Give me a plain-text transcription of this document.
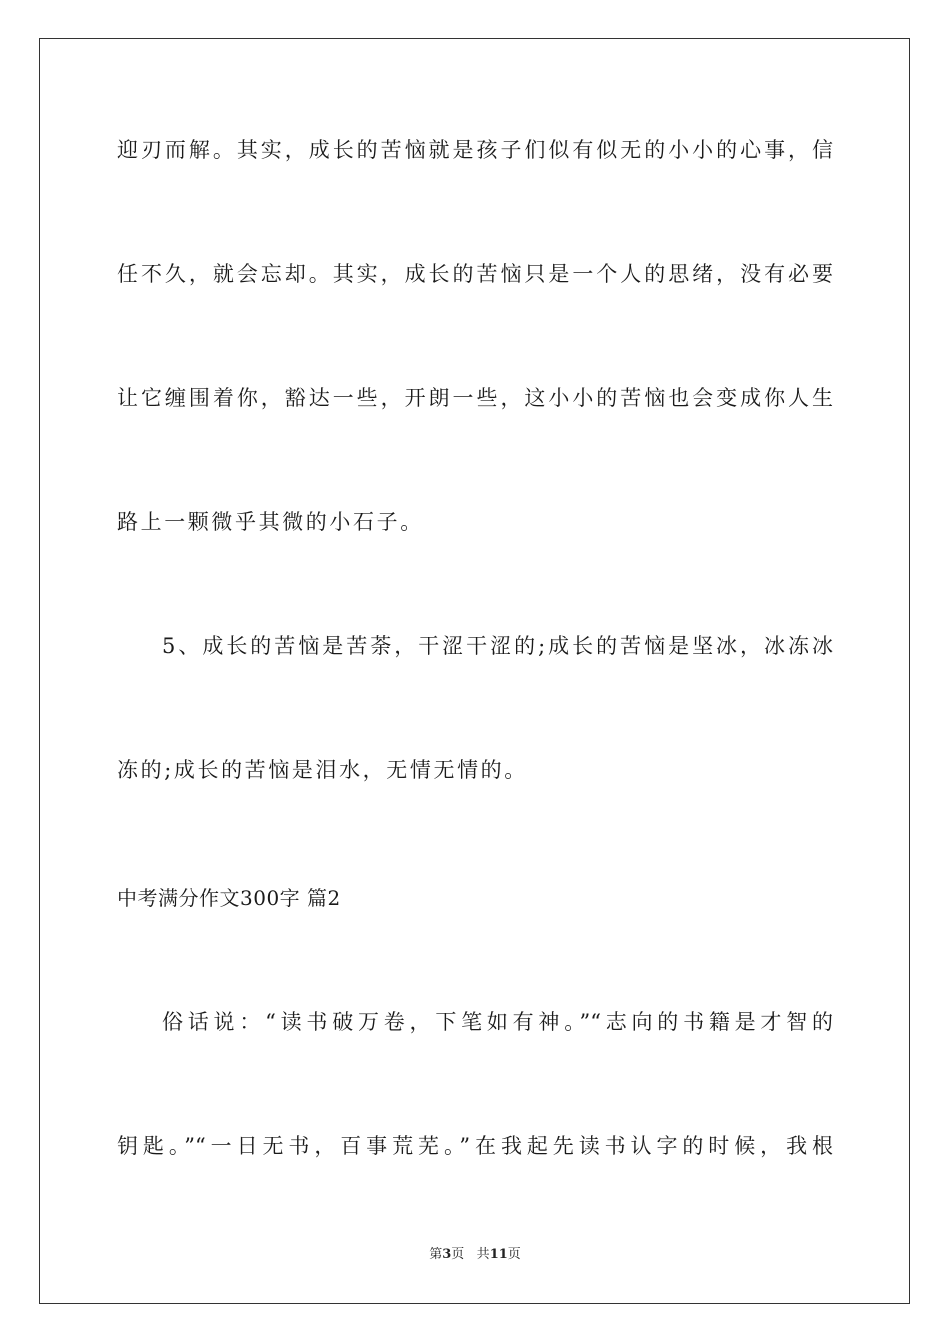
迎刃而解。其实，成长的苦恼就是孩子们似有似无的小小的心事，信
任不久，就会忘却。其实，成长的苦恼只是一个人的思绪，没有必要
让它缠围着你，豁达一些，开朗一些，这小小的苦恼也会变成你人生
路上一颗微乎其微的小石子。
5、成长的苦恼是苦荼，干涩干涩的;成长的苦恼是坚冰，冰冻冰
冻的;成长的苦恼是泪水，无情无情的。
中考满分作文300字 篇2
俗话说：“读书破万卷，下笔如有神。”“志向的书籍是才智的
钥匙。”“一日无书，百事荒芜。”在我起先读书认字的时候，我根
第3页 共11页
